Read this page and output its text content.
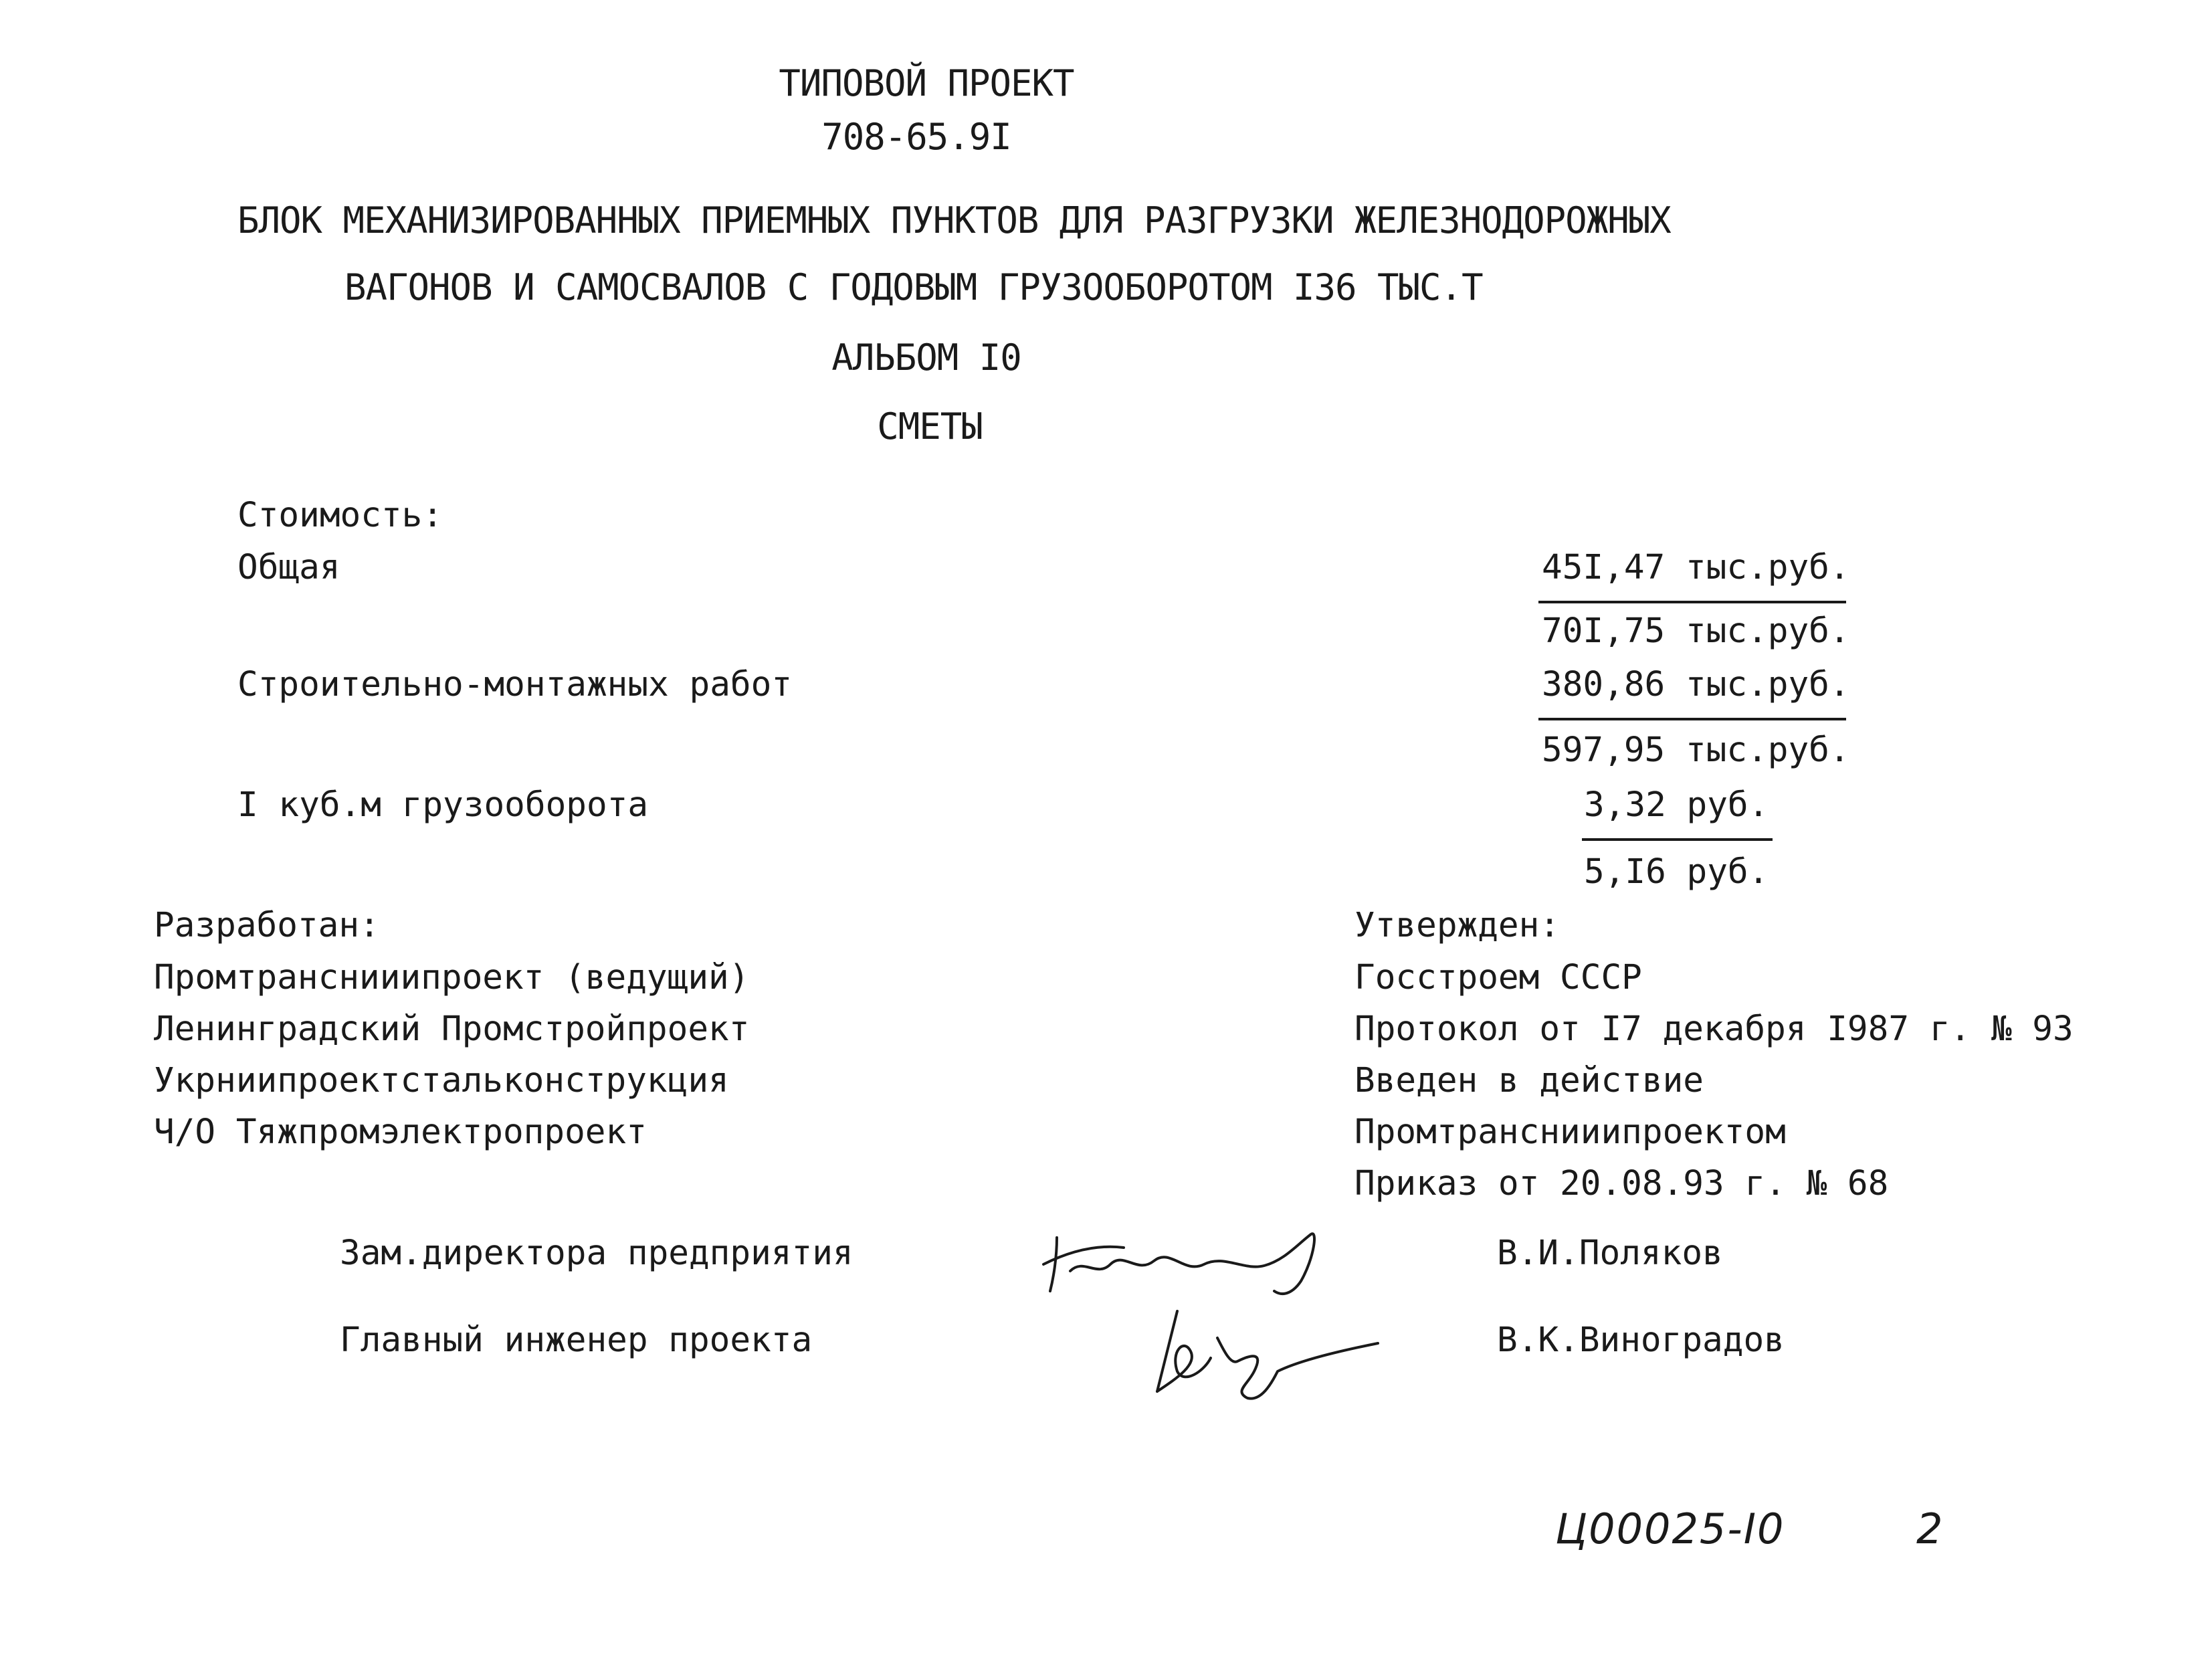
ТИПОВОЙ ПРОЕКТ
708-65.9I
БЛОК МЕХАНИЗИРОВАННЫХ ПРИЕМНЫХ ПУНКТОВ ДЛЯ РАЗГРУЗКИ ЖЕЛЕЗНОДОРОЖНЫХ
ВАГОНОВ И САМОСВАЛОВ С ГОДОВЫМ ГРУЗООБОРОТОМ I36 ТЫС.Т
АЛЬБОМ I0
СМЕТЫ
Стоимость:
Общая	45I,47 тыс.руб.
70I,75 тыс.руб.
Строительно-монтажных работ	380,86 тыс.руб.
597,95 тыс.руб.
I куб.м грузооборота	3,32 руб.
5,I6 руб.
Разработан:
Промтранснииипроект (ведущий)
Ленинградский Промстройпроект
Укрниипроектстальконструкция
Ч/О Тяжпромэлектропроект
Утвержден:
Госстроем СССР
Протокол от I7 декабря I987 г. № 93
Введен в действие
Промтранснииипроектом
Приказ от 20.08.93 г. № 68
Зам.директора предприятия	В.И.Поляков
Главный инженер проекта	В.К.Виноградов
Ц00025-I0	2
